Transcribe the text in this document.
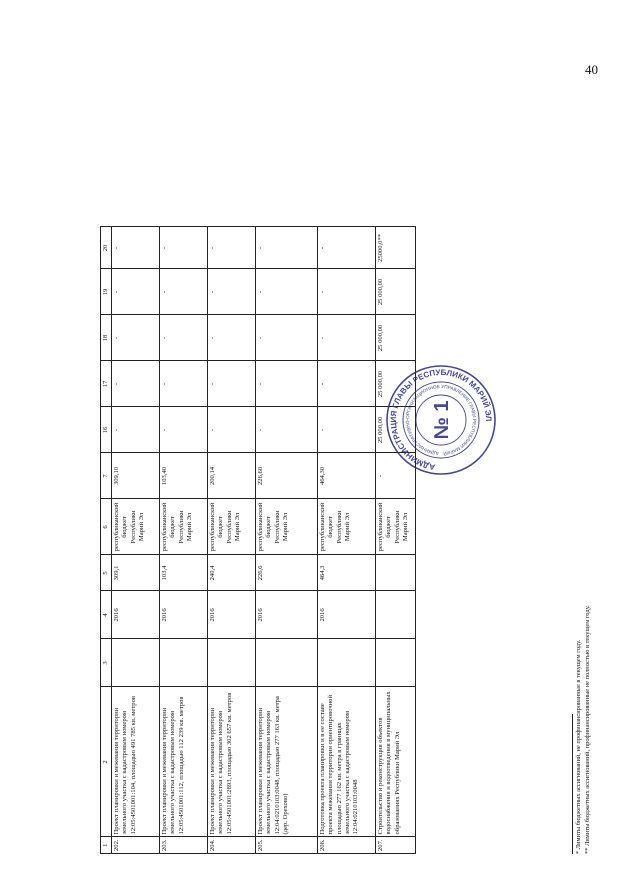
40
1	2	3	4	5	6	7	16	17	18	19	20
202.	Проект планировки и межевания территории земельного участка с кадастровым номером 12:05:4501001:104, площадью 491 785 кв. метров		2016	309,1	республиканский бюджет Республики Марий Эл	309,10	-	-	-	-	-
203.	Проект планировки и межевания территории земельного участка с кадастровым номером 12:05:4501001:112, площадью 112 239 кв. метров		2016	103,4	республиканский бюджет Республики Марий Эл	103,40	-	-	-	-	-
204.	Проект планировки и межевания территории земельного участка с кадастровым номером 12:05:4501001:2893, площадью 302 657 кв. метров		2016	240,4	республиканский бюджет Республики Марий Эл	200,14	-	-	-	-	-
205.	Проект планировки и межевания территории земельного участка с кадастровым номером 12:04:0210103:0048, площадью 277 163 кв. метра (дер. Орехово)		2016	226,6	республиканский бюджет Республики Марий Эл	226,60	-	-	-	-	-
206.	Подготовка проекта планировки и в ее составе проекта межевания территории ориентировочной площадью 277 162 кв. метра в границах земельного участка с кадастровым номером 12:04:0210103:0048		2016	464,3	республиканский бюджет Республики Марий Эл	464,30	-	-	-	-	-
207.	Строительство и реконструкция объектов водоснабжения и водоотведения в муниципальных образованиях Республики Марий Эл				республиканский бюджет Республики Марий Эл	-	25 000,00	25 000,00	25 000,00	25 000,00	25000,0**
* Лимиты бюджетных ассигнований, не профинансированные в текущем году. ** Лимиты бюджетных ассигнований, профинансированные не полностью в текущем году.
АДМИНИСТРАЦИЯ ГЛАВЫ РЕСПУБЛИКИ МАРИЙ ЭЛ
АДМИНИСТРАТИВНО-ОРГАНИЗАЦИОННОЕ УПРАВЛЕНИЕ ГЛАВЫ РЕСПУБЛИКИ МАРИЙ
№ 1
